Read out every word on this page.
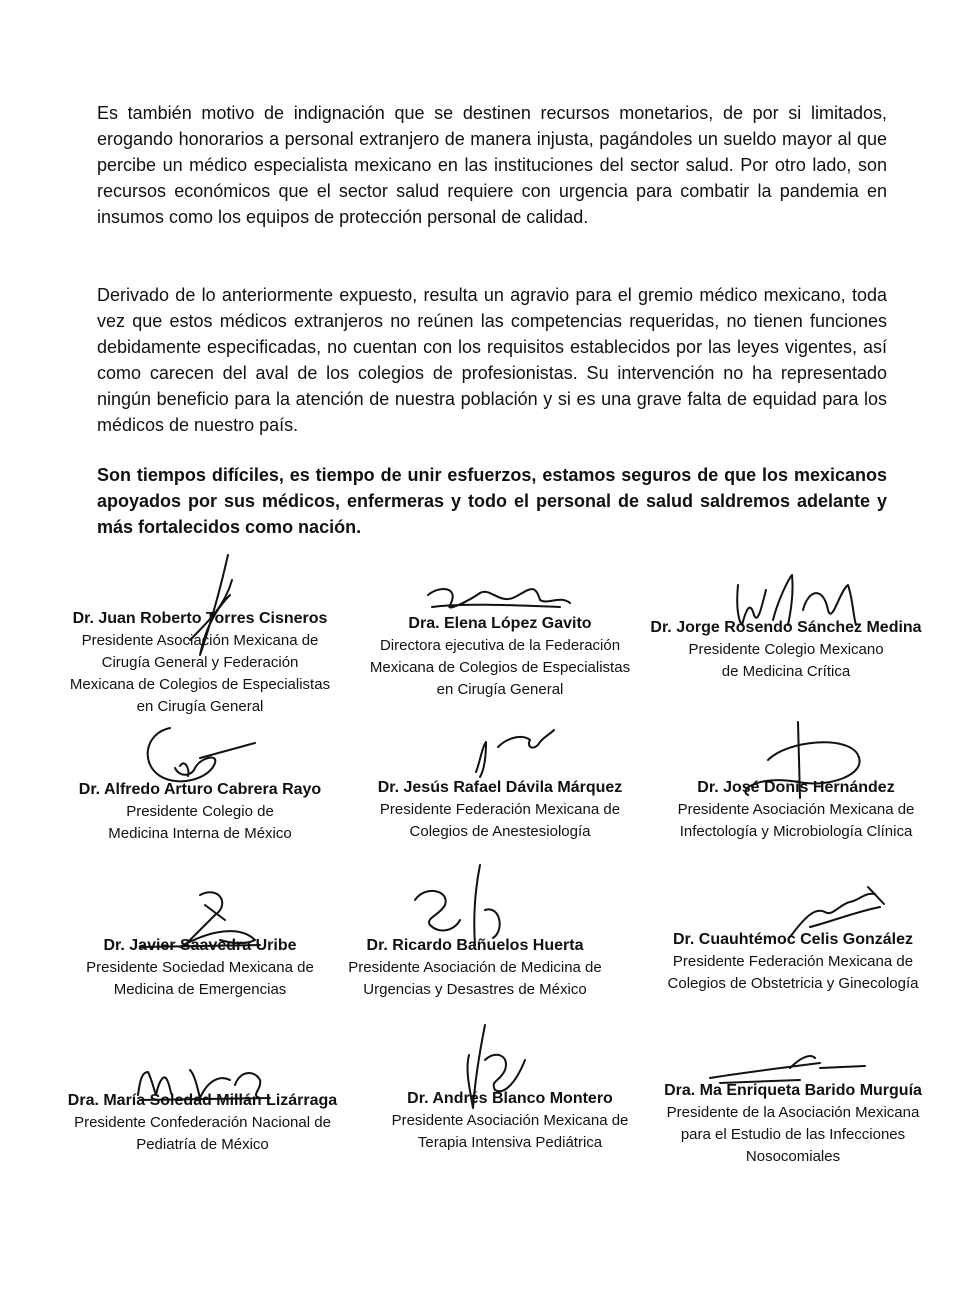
Es también motivo de indignación que se destinen recursos monetarios, de por si limitados, erogando honorarios a personal extranjero de manera injusta, pagándoles un sueldo mayor al que percibe un médico especialista mexicano en las instituciones del sector salud. Por otro lado, son recursos económicos que el sector salud requiere con urgencia para combatir la pandemia en insumos como los equipos de protección personal de calidad.

Derivado de lo anteriormente expuesto, resulta un agravio para el gremio médico mexicano, toda vez que estos médicos extranjeros no reúnen las competencias requeridas, no tienen funciones debidamente especificadas, no cuentan con los requisitos establecidos por las leyes vigentes, así como carecen del aval de los colegios de profesionistas. Su intervención no ha representado ningún beneficio para la atención de nuestra población y si es una grave falta de equidad para los médicos de nuestro país.

Son tiempos difíciles, es tiempo de unir esfuerzos, estamos seguros de que los mexicanos apoyados por sus médicos, enfermeras y todo el personal de salud saldremos adelante y más fortalecidos como nación.

Dr. Juan Roberto Torres Cisneros
Presidente Asociación Mexicana de
Cirugía General y Federación
Mexicana de Colegios de Especialistas
en Cirugía General
Dra. Elena López Gavito
Directora ejecutiva de la Federación
Mexicana de Colegios de Especialistas
en Cirugía General
Dr. Jorge Rosendo Sánchez Medina
Presidente Colegio Mexicano
de Medicina Crítica
Dr. Alfredo Arturo Cabrera Rayo
Presidente Colegio de
Medicina Interna de México
Dr. Jesús Rafael Dávila Márquez
Presidente Federación Mexicana de
Colegios de Anestesiología
Dr. José Donis Hernández
Presidente Asociación Mexicana de
Infectología y Microbiología Clínica
Dr. Javier Saavedra Uribe
Presidente Sociedad Mexicana de
Medicina de Emergencias
Dr. Ricardo Bañuelos Huerta
Presidente Asociación de Medicina de
Urgencias y Desastres de México
Dr. Cuauhtémoc Celis González
Presidente Federación Mexicana de
Colegios de Obstetricia y Ginecología
Dra. María Soledad Millán Lizárraga
Presidente Confederación Nacional de
Pediatría de México
Dr. Andrés Blanco Montero
Presidente Asociación Mexicana de
Terapia Intensiva Pediátrica
Dra. Ma Enriqueta Barido Murguía
Presidente de la Asociación Mexicana
para el Estudio de las Infecciones
Nosocomiales
